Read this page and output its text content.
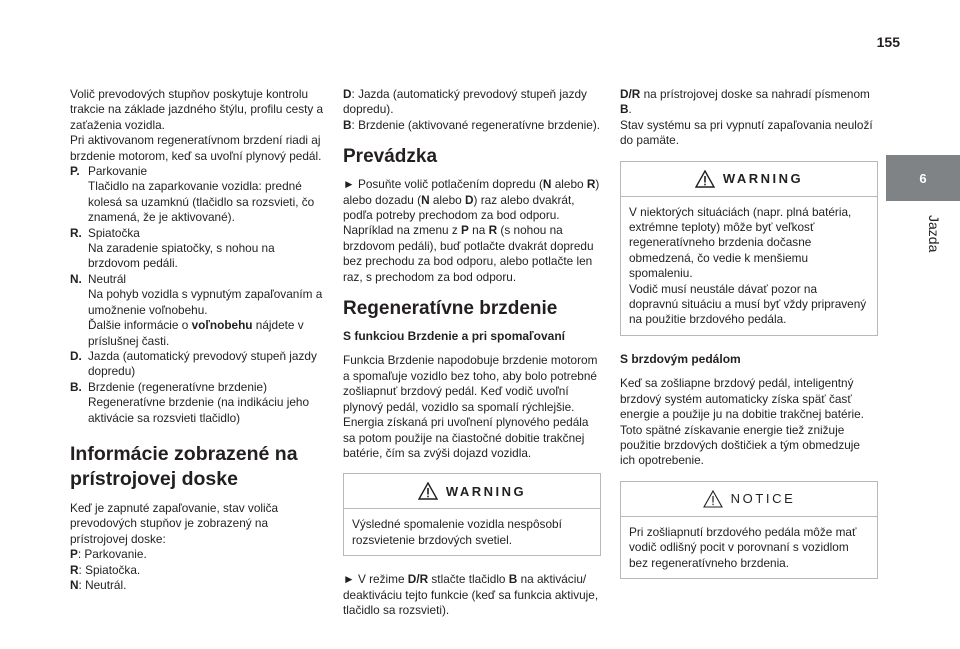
155
6
Jazda

Volič prevodových stupňov poskytuje kontrolu trakcie na základe jazdného štýlu, profilu cesty a zaťaženia vozidla.

Pri aktivovanom regeneratívnom brzdení riadi aj brzdenie motorom, keď sa uvoľní plynový pedál.

P. Parkovanie

Tlačidlo na zaparkovanie vozidla: predné kolesá sa uzamknú (tlačidlo sa rozsvieti, čo znamená, že je aktivované).

R. Spiatočka

Na zaradenie spiatočky, s nohou na brzdovom pedáli.

N. Neutrál

Na pohyb vozidla s vypnutým zapaľovaním a umožnenie voľnobehu.

Ďalšie informácie o voľnobehu nájdete v príslušnej časti.

D. Jazda (automatický prevodový stupeň jazdy dopredu)

B. Brzdenie (regeneratívne brzdenie)

Regeneratívne brzdenie (na indikáciu jeho aktivácie sa rozsvieti tlačidlo)

Informácie zobrazené na prístrojovej doske

Keď je zapnuté zapaľovanie, stav voliča prevodových stupňov je zobrazený na prístrojovej doske:

P: Parkovanie.

R: Spiatočka.

N: Neutrál.

D: Jazda (automatický prevodový stupeň jazdy dopredu).

B: Brzdenie (aktivované regeneratívne brzdenie).

Prevádzka

► Posuňte volič potlačením dopredu (N alebo R) alebo dozadu (N alebo D) raz alebo dvakrát, podľa potreby prechodom za bod odporu. Napríklad na zmenu z P na R (s nohou na brzdovom pedáli), buď potlačte dvakrát dopredu bez prechodu za bod odporu, alebo potlačte len raz, s prechodom za bod odporu.

Regeneratívne brzdenie
S funkciou Brzdenie a pri spomaľovaní

Funkcia Brzdenie napodobuje brzdenie motorom a spomaľuje vozidlo bez toho, aby bolo potrebné zošliapnuť brzdový pedál. Keď vodič uvoľní plynový pedál, vozidlo sa spomalí rýchlejšie. Energia získaná pri uvoľnení plynového pedála sa potom použije na čiastočné dobitie trakčnej batérie, čím sa zvýši dojazd vozidla.

WARNING

Výsledné spomalenie vozidla nespôsobí rozsvietenie brzdových svetiel.

► V režime D/R stlačte tlačidlo B na aktiváciu/ deaktiváciu tejto funkcie (keď sa funkcia aktivuje, tlačidlo sa rozsvieti).

D/R na prístrojovej doske sa nahradí písmenom B.

Stav systému sa pri vypnutí zapaľovania neuloží do pamäte.

WARNING

V niektorých situáciách (napr. plná batéria, extrémne teploty) môže byť veľkosť regeneratívneho brzdenia dočasne obmedzená, čo vedie k menšiemu spomaleniu.

Vodič musí neustále dávať pozor na dopravnú situáciu a musí byť vždy pripravený na použitie brzdového pedála.

S brzdovým pedálom

Keď sa zošliapne brzdový pedál, inteligentný brzdový systém automaticky získa späť časť energie a použije ju na dobitie trakčnej batérie. Toto spätné získavanie energie tiež znižuje použitie brzdových doštičiek a tým obmedzuje ich opotrebenie.

NOTICE

Pri zošliapnutí brzdového pedála môže mať vodič odlišný pocit v porovnaní s vozidlom bez regeneratívneho brzdenia.
